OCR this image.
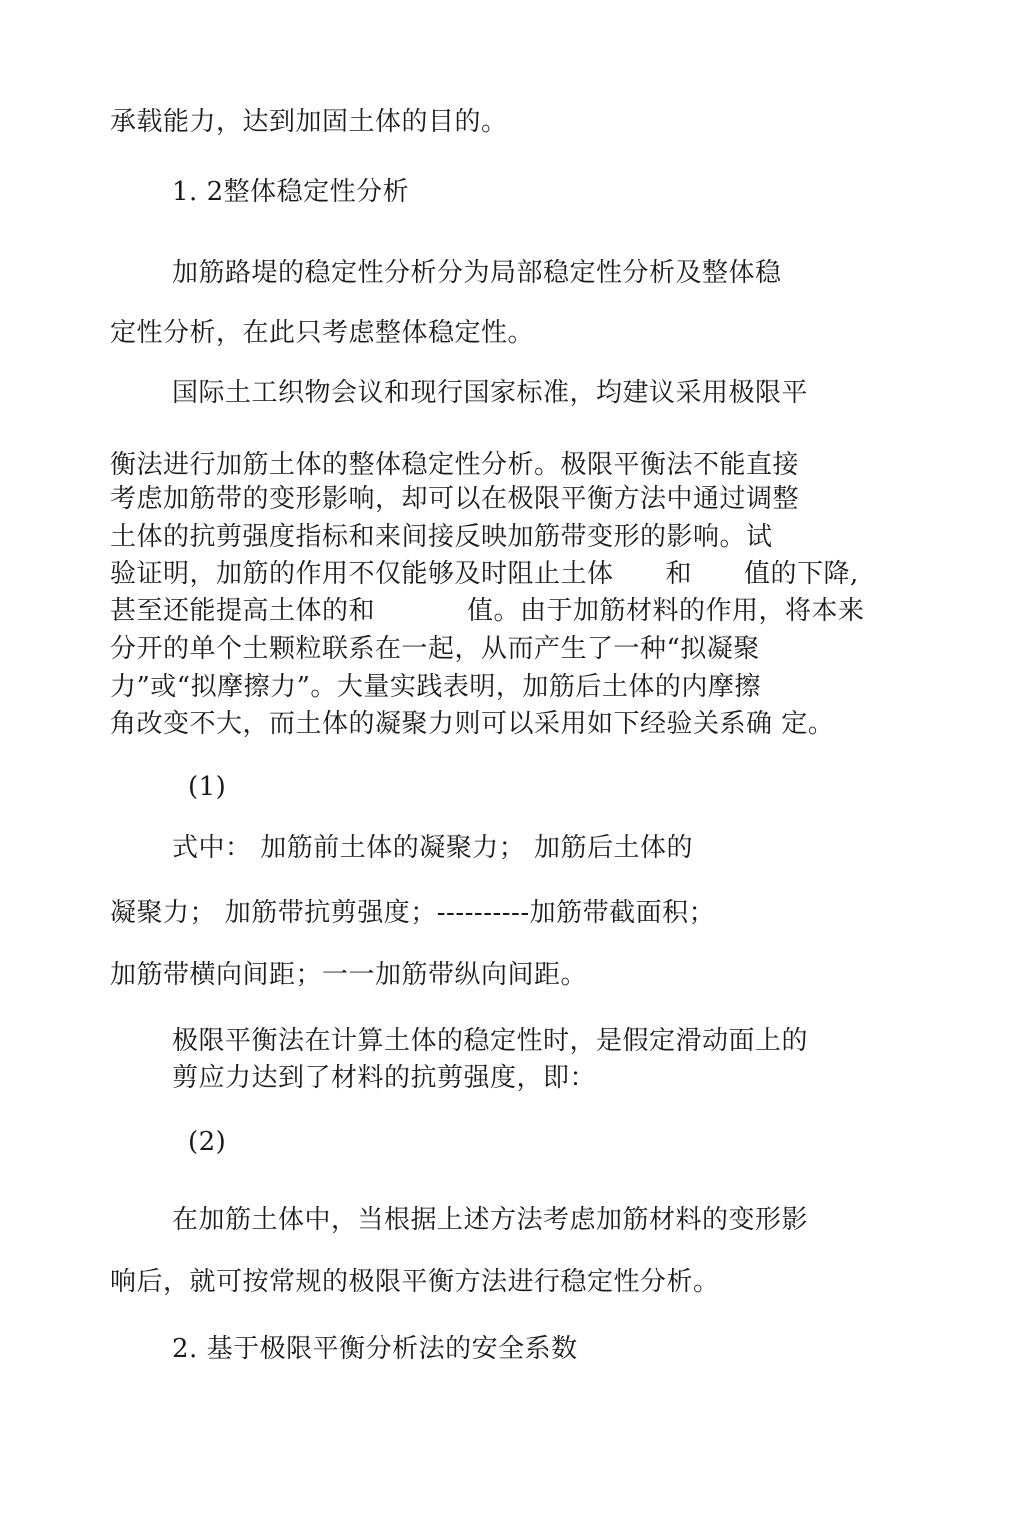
承载能力，达到加固土体的目的。

1. 2整体稳定性分析

加筋路堤的稳定性分析分为局部稳定性分析及整体稳

定性分析，在此只考虑整体稳定性。

国际土工织物会议和现行国家标准，均建议采用极限平

衡法进行加筋土体的整体稳定性分析。极限平衡法不能直接

考虑加筋带的变形影响，却可以在极限平衡方法中通过调整

土体的抗剪强度指标和来间接反映加筋带变形的影响。试

验证明，加筋的作用不仅能够及时阻止土体 和 值的下降,

甚至还能提高土体的和	值。由于加筋材料的作用，将本来

分开的单个土颗粒联系在一起，从而产生了一种“拟凝聚

力”或“拟摩擦力”。大量实践表明，加筋后土体的内摩擦

角改变不大，而土体的凝聚力则可以采用如下经验关系确 定。

(1)

式中： 加筋前土体的凝聚力； 加筋后土体的

凝聚力； 加筋带抗剪强度；----------加筋带截面积；

加筋带横向间距；一一加筋带纵向间距。

极限平衡法在计算土体的稳定性时，是假定滑动面上的

剪应力达到了材料的抗剪强度，即：

(2)

在加筋土体中，当根据上述方法考虑加筋材料的变形影

响后，就可按常规的极限平衡方法进行稳定性分析。

2. 基于极限平衡分析法的安全系数
